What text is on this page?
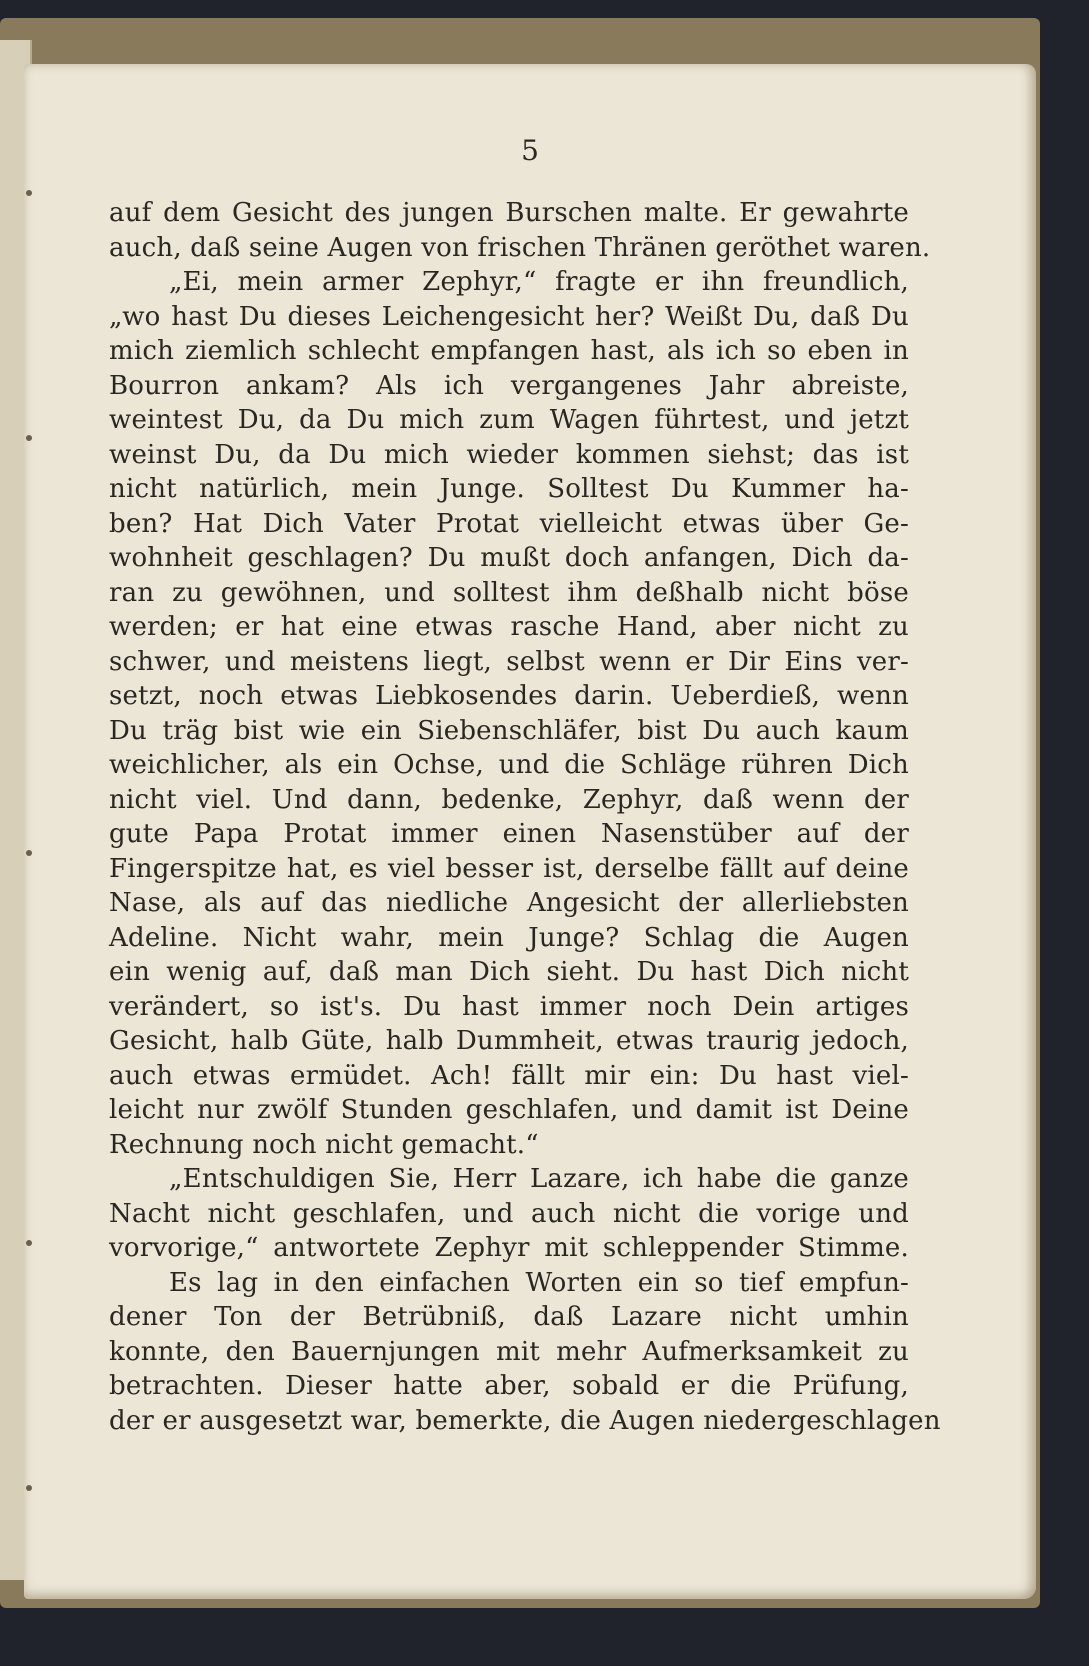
5
auf dem Gesicht des jungen Burschen malte. Er gewahrte
auch, daß seine Augen von frischen Thränen geröthet waren.
„Ei, mein armer Zephyr,“ fragte er ihn freundlich,
„wo hast Du dieses Leichengesicht her? Weißt Du, daß Du
mich ziemlich schlecht empfangen hast, als ich so eben in
Bourron ankam? Als ich vergangenes Jahr abreiste,
weintest Du, da Du mich zum Wagen führtest, und jetzt
weinst Du, da Du mich wieder kommen siehst; das ist
nicht natürlich, mein Junge. Solltest Du Kummer ha-
ben? Hat Dich Vater Protat vielleicht etwas über Ge-
wohnheit geschlagen? Du mußt doch anfangen, Dich da-
ran zu gewöhnen, und solltest ihm deßhalb nicht böse
werden; er hat eine etwas rasche Hand, aber nicht zu
schwer, und meistens liegt, selbst wenn er Dir Eins ver-
setzt, noch etwas Liebkosendes darin. Ueberdieß, wenn
Du träg bist wie ein Siebenschläfer, bist Du auch kaum
weichlicher, als ein Ochse, und die Schläge rühren Dich
nicht viel. Und dann, bedenke, Zephyr, daß wenn der
gute Papa Protat immer einen Nasenstüber auf der
Fingerspitze hat, es viel besser ist, derselbe fällt auf deine
Nase, als auf das niedliche Angesicht der allerliebsten
Adeline. Nicht wahr, mein Junge? Schlag die Augen
ein wenig auf, daß man Dich sieht. Du hast Dich nicht
verändert, so ist's. Du hast immer noch Dein artiges
Gesicht, halb Güte, halb Dummheit, etwas traurig jedoch,
auch etwas ermüdet. Ach! fällt mir ein: Du hast viel-
leicht nur zwölf Stunden geschlafen, und damit ist Deine
Rechnung noch nicht gemacht.“
„Entschuldigen Sie, Herr Lazare, ich habe die ganze
Nacht nicht geschlafen, und auch nicht die vorige und
vorvorige,“ antwortete Zephyr mit schleppender Stimme.
Es lag in den einfachen Worten ein so tief empfun-
dener Ton der Betrübniß, daß Lazare nicht umhin
konnte, den Bauernjungen mit mehr Aufmerksamkeit zu
betrachten. Dieser hatte aber, sobald er die Prüfung,
der er ausgesetzt war, bemerkte, die Augen niedergeschlagen
